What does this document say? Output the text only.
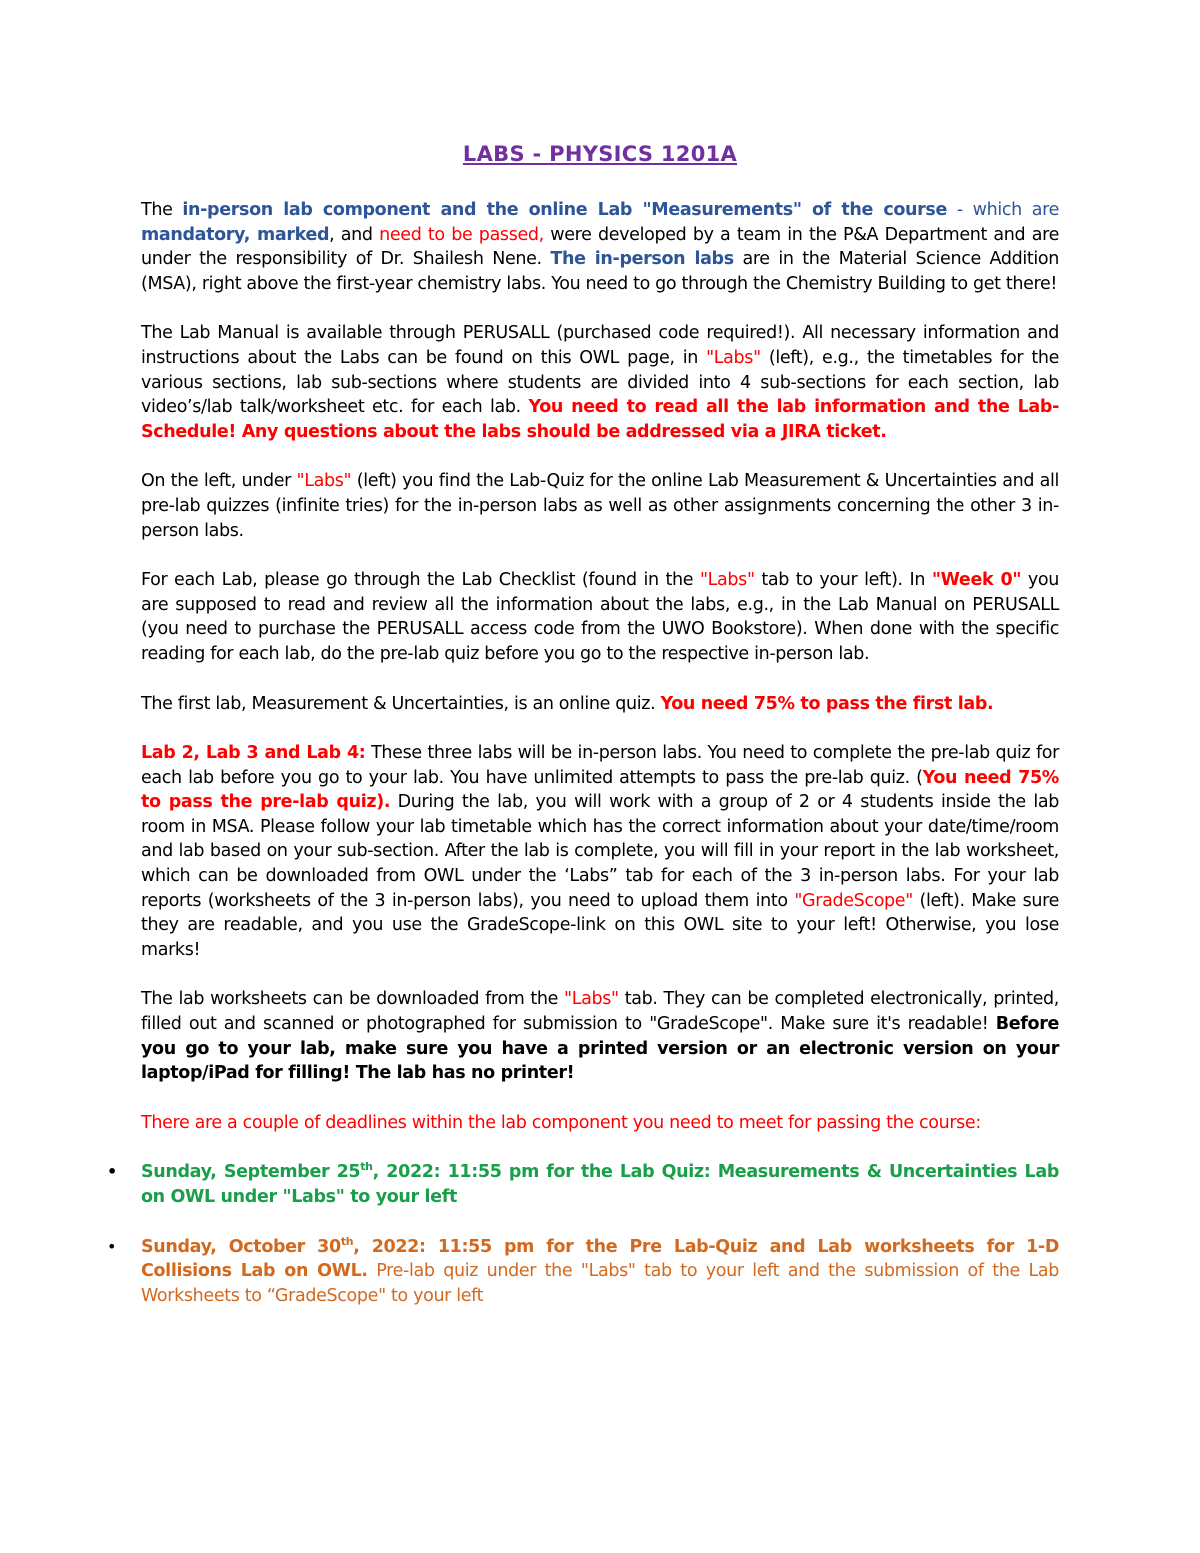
LABS - PHYSICS 1201A

The in-person lab component and the online Lab "Measurements" of the course - which are mandatory, marked, and need to be passed, were developed by a team in the P&A Department and are under the responsibility of Dr. Shailesh Nene. The in-person labs are in the Material Science Addition (MSA), right above the first-year chemistry labs. You need to go through the Chemistry Building to get there!

The Lab Manual is available through PERUSALL (purchased code required!). All necessary information and instructions about the Labs can be found on this OWL page, in "Labs" (left), e.g., the timetables for the various sections, lab sub-sections where students are divided into 4 sub-sections for each section, lab video’s/lab talk/worksheet etc. for each lab. You need to read all the lab information and the Lab-Schedule! Any questions about the labs should be addressed via a JIRA ticket.

On the left, under "Labs" (left) you find the Lab-Quiz for the online Lab Measurement & Uncertainties and all pre-lab quizzes (infinite tries) for the in-person labs as well as other assignments concerning the other 3 in-person labs.

For each Lab, please go through the Lab Checklist (found in the "Labs" tab to your left). In "Week 0" you are supposed to read and review all the information about the labs, e.g., in the Lab Manual on PERUSALL (you need to purchase the PERUSALL access code from the UWO Bookstore). When done with the specific reading for each lab, do the pre-lab quiz before you go to the respective in-person lab.

The first lab, Measurement & Uncertainties, is an online quiz. You need 75% to pass the first lab.

Lab 2, Lab 3 and Lab 4: These three labs will be in-person labs. You need to complete the pre-lab quiz for each lab before you go to your lab. You have unlimited attempts to pass the pre-lab quiz. (You need 75% to pass the pre-lab quiz). During the lab, you will work with a group of 2 or 4 students inside the lab room in MSA. Please follow your lab timetable which has the correct information about your date/time/room and lab based on your sub-section. After the lab is complete, you will fill in your report in the lab worksheet, which can be downloaded from OWL under the ‘Labs” tab for each of the 3 in-person labs. For your lab reports (worksheets of the 3 in-person labs), you need to upload them into "GradeScope" (left). Make sure they are readable, and you use the GradeScope-link on this OWL site to your left! Otherwise, you lose marks!

The lab worksheets can be downloaded from the "Labs" tab. They can be completed electronically, printed, filled out and scanned or photographed for submission to "GradeScope". Make sure it's readable! Before you go to your lab, make sure you have a printed version or an electronic version on your laptop/iPad for filling! The lab has no printer!

There are a couple of deadlines within the lab component you need to meet for passing the course:

• Sunday, September 25th, 2022: 11:55 pm for the Lab Quiz: Measurements & Uncertainties Lab on OWL under "Labs" to your left
• Sunday, October 30th, 2022: 11:55 pm for the Pre Lab-Quiz and Lab worksheets for 1-D Collisions Lab on OWL. Pre-lab quiz under the "Labs" tab to your left and the submission of the Lab Worksheets to “GradeScope" to your left
